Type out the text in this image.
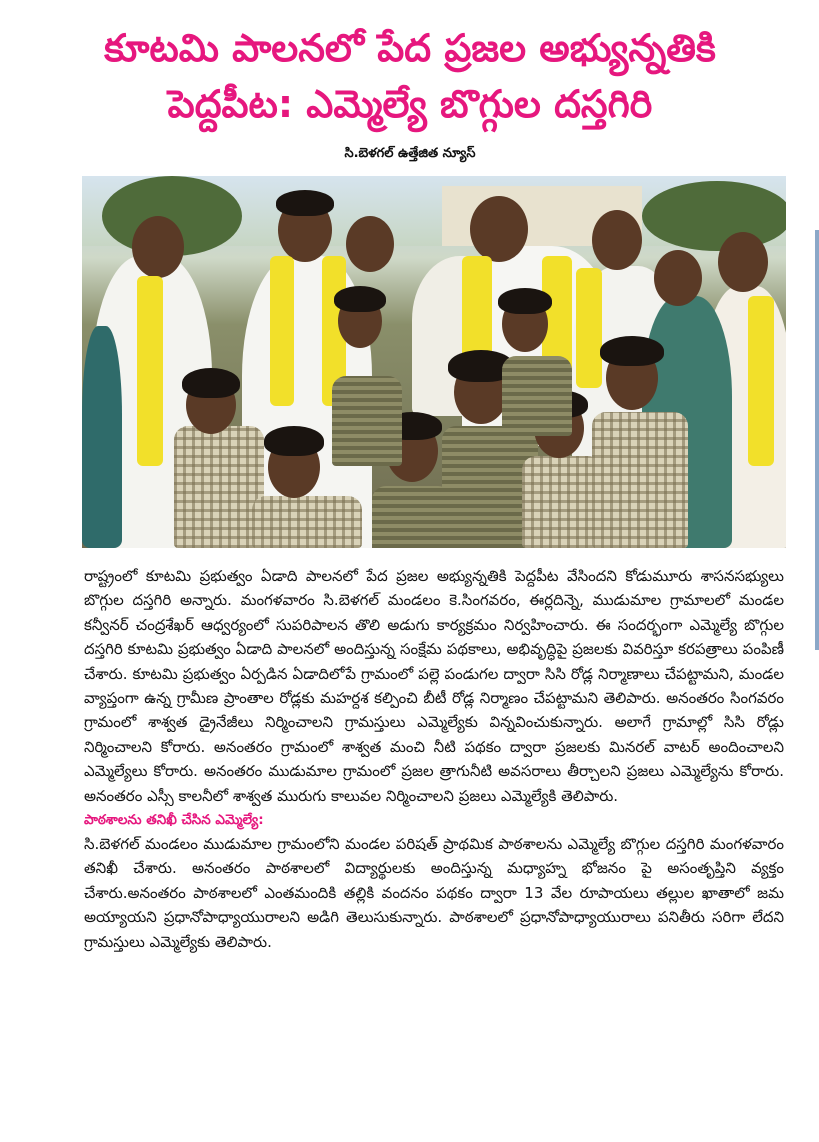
కూటమి పాలనలో పేద ప్రజల అభ్యున్నతికి
పెద్దపీట: ఎమ్మెల్యే బొగ్గుల దస్తగిరి
సి.బెళగల్ ఉత్తేజిత న్యూస్

రాష్ట్రంలో కూటమి ప్రభుత్వం ఏడాది పాలనలో పేద ప్రజల అభ్యున్నతికి పెద్దపీట వేసిందని కోడుమూరు శాసనసభ్యులు బొగ్గుల దస్తగిరి అన్నారు. మంగళవారం సి.బెళగల్ మండలం కె.సింగవరం, ఈర్లదిన్నె, ముడుమాల గ్రామాలలో మండల కన్వీనర్ చంద్రశేఖర్ ఆధ్వర్యంలో సుపరిపాలన తొలి అడుగు కార్యక్రమం నిర్వహించారు. ఈ సందర్భంగా ఎమ్మెల్యే బొగ్గుల దస్తగిరి కూటమి ప్రభుత్వం ఏడాది పాలనలో అందిస్తున్న సంక్షేమ పథకాలు, అభివృద్ధిపై ప్రజలకు వివరిస్తూ కరపత్రాలు పంపిణీ చేశారు. కూటమి ప్రభుత్వం ఏర్పడిన ఏడాదిలోపే గ్రామంలో పల్లె పండుగల ద్వారా సిసి రోడ్ల నిర్మాణాలు చేపట్టామని, మండల వ్యాప్తంగా ఉన్న గ్రామీణ ప్రాంతాల రోడ్లకు మహర్దశ కల్పించి బీటీ రోడ్ల నిర్మాణం చేపట్టామని తెలిపారు. అనంతరం సింగవరం గ్రామంలో శాశ్వత డ్రైనేజీలు నిర్మించాలని గ్రామస్తులు ఎమ్మెల్యేకు విన్నవించుకున్నారు. అలాగే గ్రామాల్లో సిసి రోడ్లు నిర్మించాలని కోరారు. అనంతరం గ్రామంలో శాశ్వత మంచి నీటి పథకం ద్వారా ప్రజలకు మినరల్ వాటర్ అందించాలని ఎమ్మెల్యేలు కోరారు. అనంతరం ముడుమాల గ్రామంలో ప్రజల త్రాగునీటి అవసరాలు తీర్చాలని ప్రజలు ఎమ్మెల్యేను కోరారు. అనంతరం ఎస్సీ కాలనీలో శాశ్వత మురుగు కాలువల నిర్మించాలని ప్రజలు ఎమ్మెల్యేకి తెలిపారు.

పాఠశాలను తనిఖీ చేసిన ఎమ్మెల్యే:

సి.బెళగల్ మండలం ముడుమాల గ్రామంలోని మండల పరిషత్ ప్రాథమిక పాఠశాలను ఎమ్మెల్యే బొగ్గుల దస్తగిరి మంగళవారం తనిఖీ చేశారు. అనంతరం పాఠశాలలో విద్యార్థులకు అందిస్తున్న మధ్యాహ్న భోజనం పై అసంతృప్తిని వ్యక్తం చేశారు.అనంతరం పాఠశాలలో ఎంతమందికి తల్లికి వందనం పథకం ద్వారా 13 వేల రూపాయలు తల్లుల ఖాతాలో జమ అయ్యాయని ప్రధానోపాధ్యాయురాలని అడిగి తెలుసుకున్నారు. పాఠశాలలో ప్రధానోపాధ్యాయురాలు పనితీరు సరిగా లేదని గ్రామస్తులు ఎమ్మెల్యేకు తెలిపారు.
